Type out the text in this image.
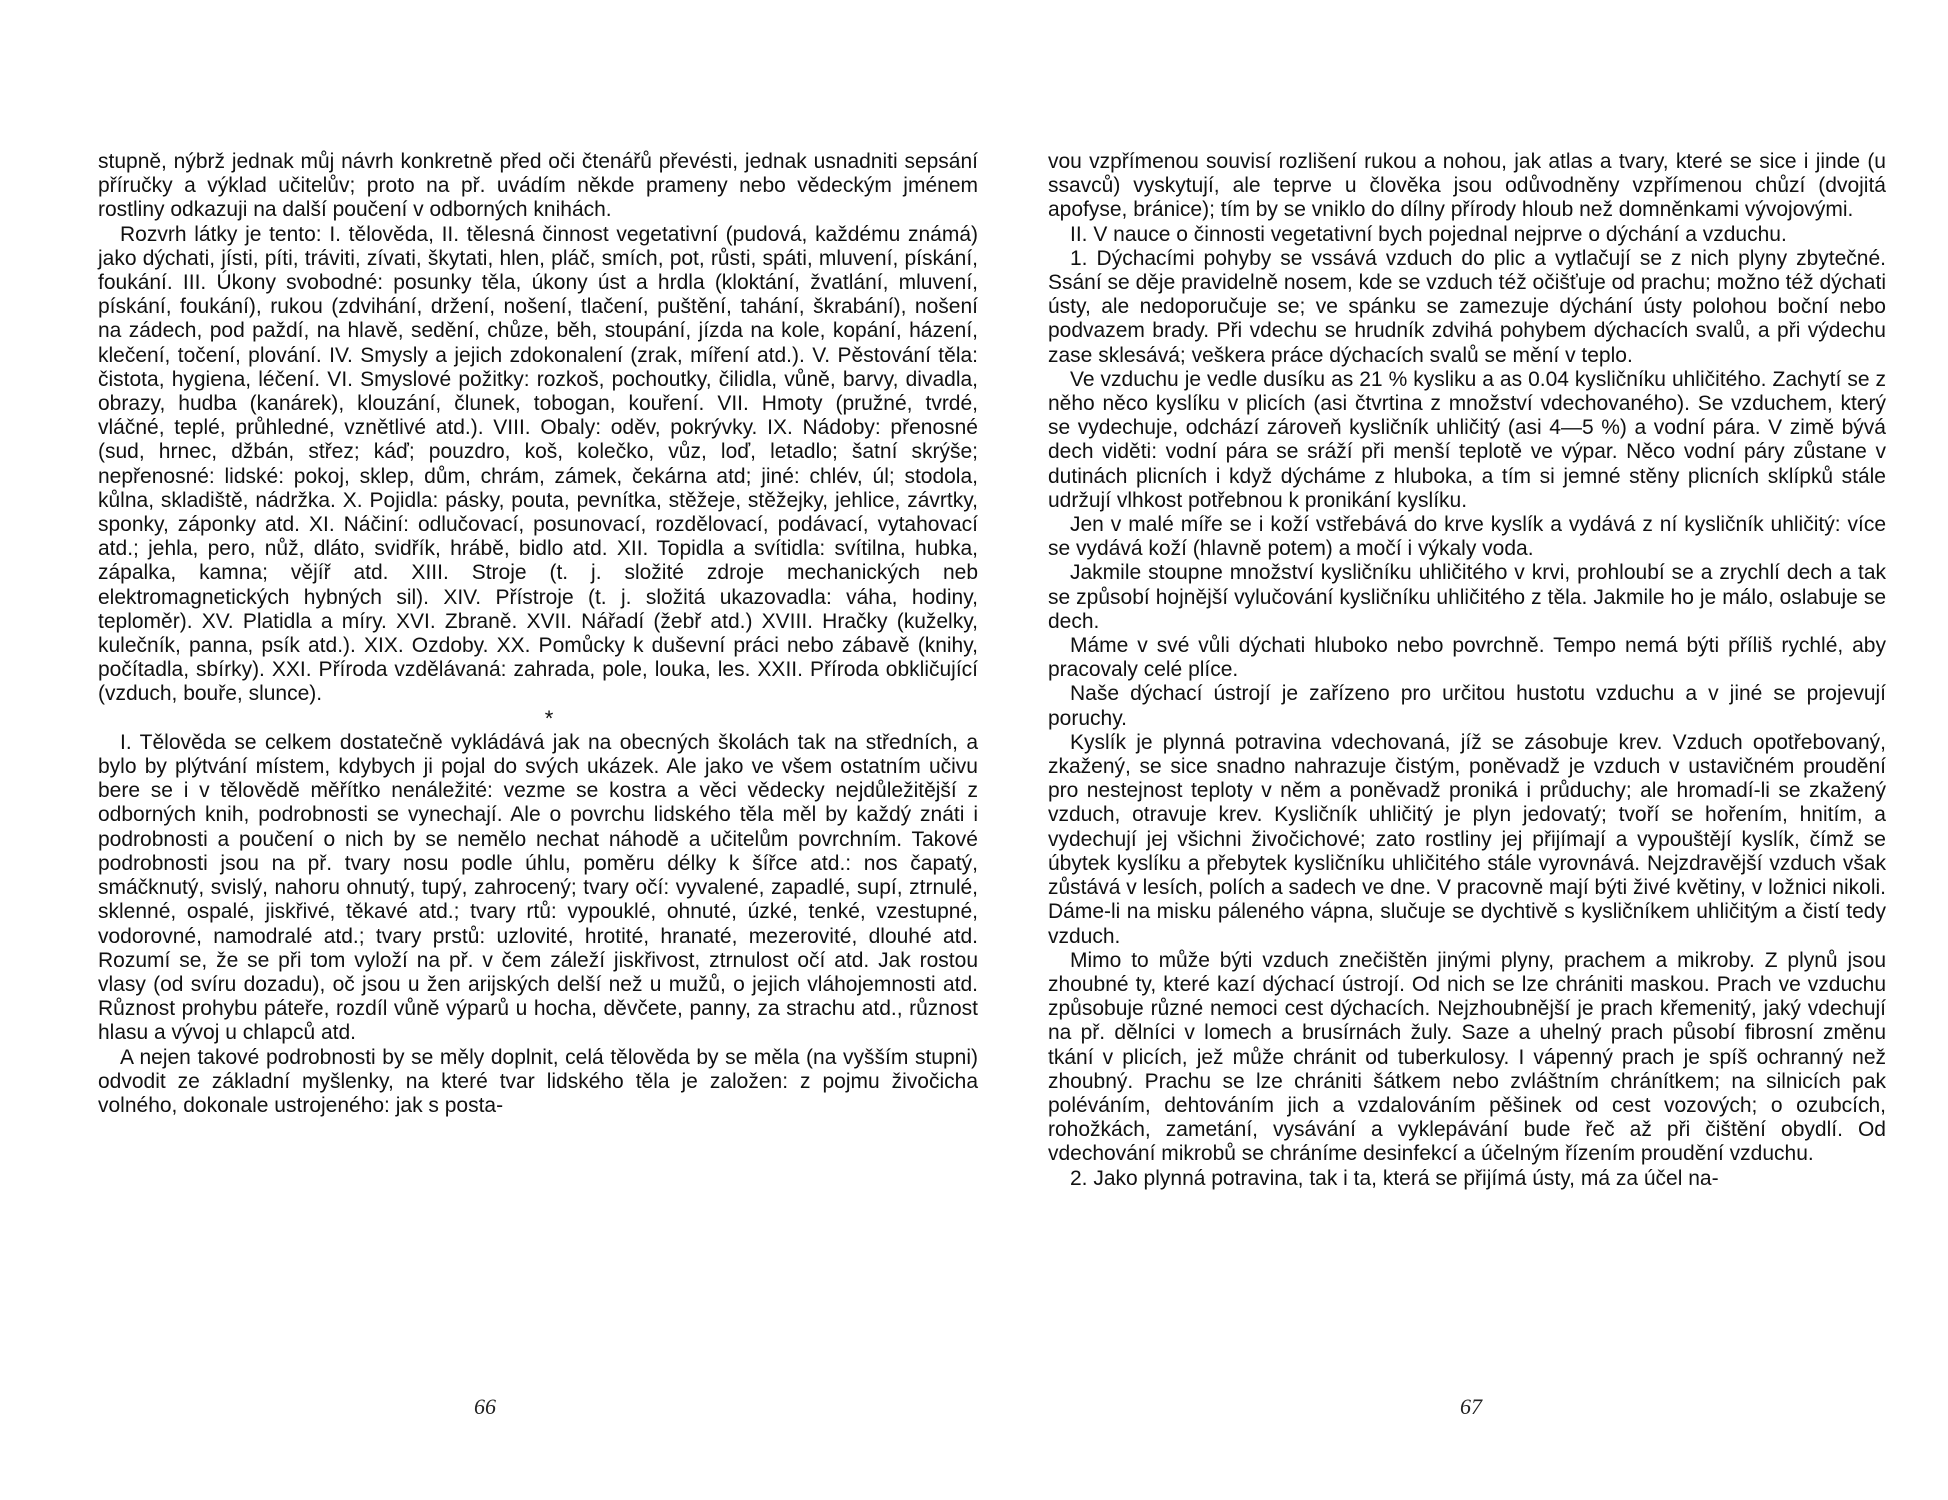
stupně, nýbrž jednak můj návrh konkretně před oči čtenářů převésti, jednak usnadniti sepsání příručky a výklad učitelův; proto na př. uvádím někde prameny nebo vědeckým jménem rostliny odkazuji na další poučení v odborných knihách.

Rozvrh látky je tento: I. tělověda, II. tělesná činnost vegetativní (pudová, každému známá) jako dýchati, jísti, píti, tráviti, zívati, škytati, hlen, pláč, smích, pot, růsti, spáti, mluvení, pískání, foukání. III. Úkony svobodné: posunky těla, úkony úst a hrdla (kloktání, žvatlání, mluvení, pískání, foukání), rukou (zdvihání, držení, nošení, tlačení, puštění, tahání, škrabání), nošení na zádech, pod paždí, na hlavě, sedění, chůze, běh, stoupání, jízda na kole, kopání, házení, klečení, točení, plování. IV. Smysly a jejich zdokonalení (zrak, míření atd.). V. Pěstování těla: čistota, hygiena, léčení. VI. Smyslové požitky: rozkoš, pochoutky, čilidla, vůně, barvy, divadla, obrazy, hudba (kanárek), klouzání, člunek, tobogan, kouření. VII. Hmoty (pružné, tvrdé, vláčné, teplé, průhledné, vznětlivé atd.). VIII. Obaly: oděv, pokrývky. IX. Nádoby: přenosné (sud, hrnec, džbán, střez; káď; pouzdro, koš, kolečko, vůz, loď, letadlo; šatní skrýše; nepřenosné: lidské: pokoj, sklep, dům, chrám, zámek, čekárna atd; jiné: chlév, úl; stodola, kůlna, skladiště, nádržka. X. Pojidla: pásky, pouta, pevnítka, stěžeje, stěžejky, jehlice, závrtky, sponky, záponky atd. XI. Náčiní: odlučovací, posunovací, rozdělovací, podávací, vytahovací atd.; jehla, pero, nůž, dláto, svidřík, hrábě, bidlo atd. XII. Topidla a svítidla: svítilna, hubka, zápalka, kamna; vějíř atd. XIII. Stroje (t. j. složité zdroje mechanických neb elektromagnetických hybných sil). XIV. Přístroje (t. j. složitá ukazovadla: váha, hodiny, teploměr). XV. Platidla a míry. XVI. Zbraně. XVII. Nářadí (žebř atd.) XVIII. Hračky (kuželky, kulečník, panna, psík atd.). XIX. Ozdoby. XX. Pomůcky k duševní práci nebo zábavě (knihy, počítadla, sbírky). XXI. Příroda vzdělávaná: zahrada, pole, louka, les. XXII. Příroda obkličující (vzduch, bouře, slunce).

*

I. Tělověda se celkem dostatečně vykládává jak na obecných školách tak na středních, a bylo by plýtvání místem, kdybych ji pojal do svých ukázek. Ale jako ve všem ostatním učivu bere se i v tělovědě měřítko nenáležité: vezme se kostra a věci vědecky nejdůležitější z odborných knih, podrobnosti se vynechají. Ale o povrchu lidského těla měl by každý znáti i podrobnosti a poučení o nich by se nemělo nechat náhodě a učitelům povrchním. Takové podrobnosti jsou na př. tvary nosu podle úhlu, poměru délky k šířce atd.: nos čapatý, smáčknutý, svislý, nahoru ohnutý, tupý, zahrocený; tvary očí: vyvalené, zapadlé, supí, ztrnulé, sklenné, ospalé, jiskřivé, těkavé atd.; tvary rtů: vypouklé, ohnuté, úzké, tenké, vzestupné, vodorovné, namodralé atd.; tvary prstů: uzlovité, hrotité, hranaté, mezerovité, dlouhé atd. Rozumí se, že se při tom vyloží na př. v čem záleží jiskřivost, ztrnulost očí atd. Jak rostou vlasy (od svíru dozadu), oč jsou u žen arijských delší než u mužů, o jejich vláhojemnosti atd. Různost prohybu páteře, rozdíl vůně výparů u hocha, děvčete, panny, za strachu atd., různost hlasu a vývoj u chlapců atd.

A nejen takové podrobnosti by se měly doplnit, celá tělověda by se měla (na vyšším stupni) odvodit ze základní myšlenky, na které tvar lidského těla je založen: z pojmu živočicha volného, dokonale ustrojeného: jak s posta-

66

vou vzpřímenou souvisí rozlišení rukou a nohou, jak atlas a tvary, které se sice i jinde (u ssavců) vyskytují, ale teprve u člověka jsou odůvodněny vzpřímenou chůzí (dvojitá apofyse, bránice); tím by se vniklo do dílny přírody hloub než domněnkami vývojovými.

II. V nauce o činnosti vegetativní bych pojednal nejprve o dýchání a vzduchu.

1. Dýchacími pohyby se vssává vzduch do plic a vytlačují se z nich plyny zbytečné. Ssání se děje pravidelně nosem, kde se vzduch též očišťuje od prachu; možno též dýchati ústy, ale nedoporučuje se; ve spánku se zamezuje dýchání ústy polohou boční nebo podvazem brady. Při vdechu se hrudník zdvihá pohybem dýchacích svalů, a při výdechu zase sklesává; veškera práce dýchacích svalů se mění v teplo.

Ve vzduchu je vedle dusíku as 21 % kysliku a as 0.04 kysličníku uhličitého. Zachytí se z něho něco kyslíku v plicích (asi čtvrtina z množství vdechovaného). Se vzduchem, který se vydechuje, odchází zároveň kysličník uhličitý (asi 4—5 %) a vodní pára. V zimě bývá dech viděti: vodní pára se sráží při menší teplotě ve výpar. Něco vodní páry zůstane v dutinách plicních i když dýcháme z hluboka, a tím si jemné stěny plicních sklípků stále udržují vlhkost potřebnou k pronikání kyslíku.

Jen v malé míře se i koží vstřebává do krve kyslík a vydává z ní kysličník uhličitý: více se vydává koží (hlavně potem) a močí i výkaly voda.

Jakmile stoupne množství kysličníku uhličitého v krvi, prohloubí se a zrychlí dech a tak se způsobí hojnější vylučování kysličníku uhličitého z těla. Jakmile ho je málo, oslabuje se dech.

Máme v své vůli dýchati hluboko nebo povrchně. Tempo nemá býti příliš rychlé, aby pracovaly celé plíce.

Naše dýchací ústrojí je zařízeno pro určitou hustotu vzduchu a v jiné se projevují poruchy.

Kyslík je plynná potravina vdechovaná, jíž se zásobuje krev. Vzduch opotřebovaný, zkažený, se sice snadno nahrazuje čistým, poněvadž je vzduch v ustavičném proudění pro nestejnost teploty v něm a poněvadž proniká i průduchy; ale hromadí-li se zkažený vzduch, otravuje krev. Kysličník uhličitý je plyn jedovatý; tvoří se hořením, hnitím, a vydechují jej všichni živočichové; zato rostliny jej přijímají a vypouštějí kyslík, čímž se úbytek kyslíku a přebytek kysličníku uhličitého stále vyrovnává. Nejzdravější vzduch však zůstává v lesích, polích a sadech ve dne. V pracovně mají býti živé květiny, v ložnici nikoli. Dáme-li na misku páleného vápna, slučuje se dychtivě s kysličníkem uhličitým a čistí tedy vzduch.

Mimo to může býti vzduch znečištěn jinými plyny, prachem a mikroby. Z plynů jsou zhoubné ty, které kazí dýchací ústrojí. Od nich se lze chrániti maskou. Prach ve vzduchu způsobuje různé nemoci cest dýchacích. Nejzhoubnější je prach křemenitý, jaký vdechují na př. dělníci v lomech a brusírnách žuly. Saze a uhelný prach působí fibrosní změnu tkání v plicích, jež může chránit od tuberkulosy. I vápenný prach je spíš ochranný než zhoubný. Prachu se lze chrániti šátkem nebo zvláštním chránítkem; na silnicích pak poléváním, dehtováním jich a vzdalováním pěšinek od cest vozových; o ozubcích, rohožkách, zametání, vysávání a vyklepávání bude řeč až při čištění obydlí. Od vdechování mikrobů se chráníme desinfekcí a účelným řízením proudění vzduchu.

2. Jako plynná potravina, tak i ta, která se přijímá ústy, má za účel na-

67
